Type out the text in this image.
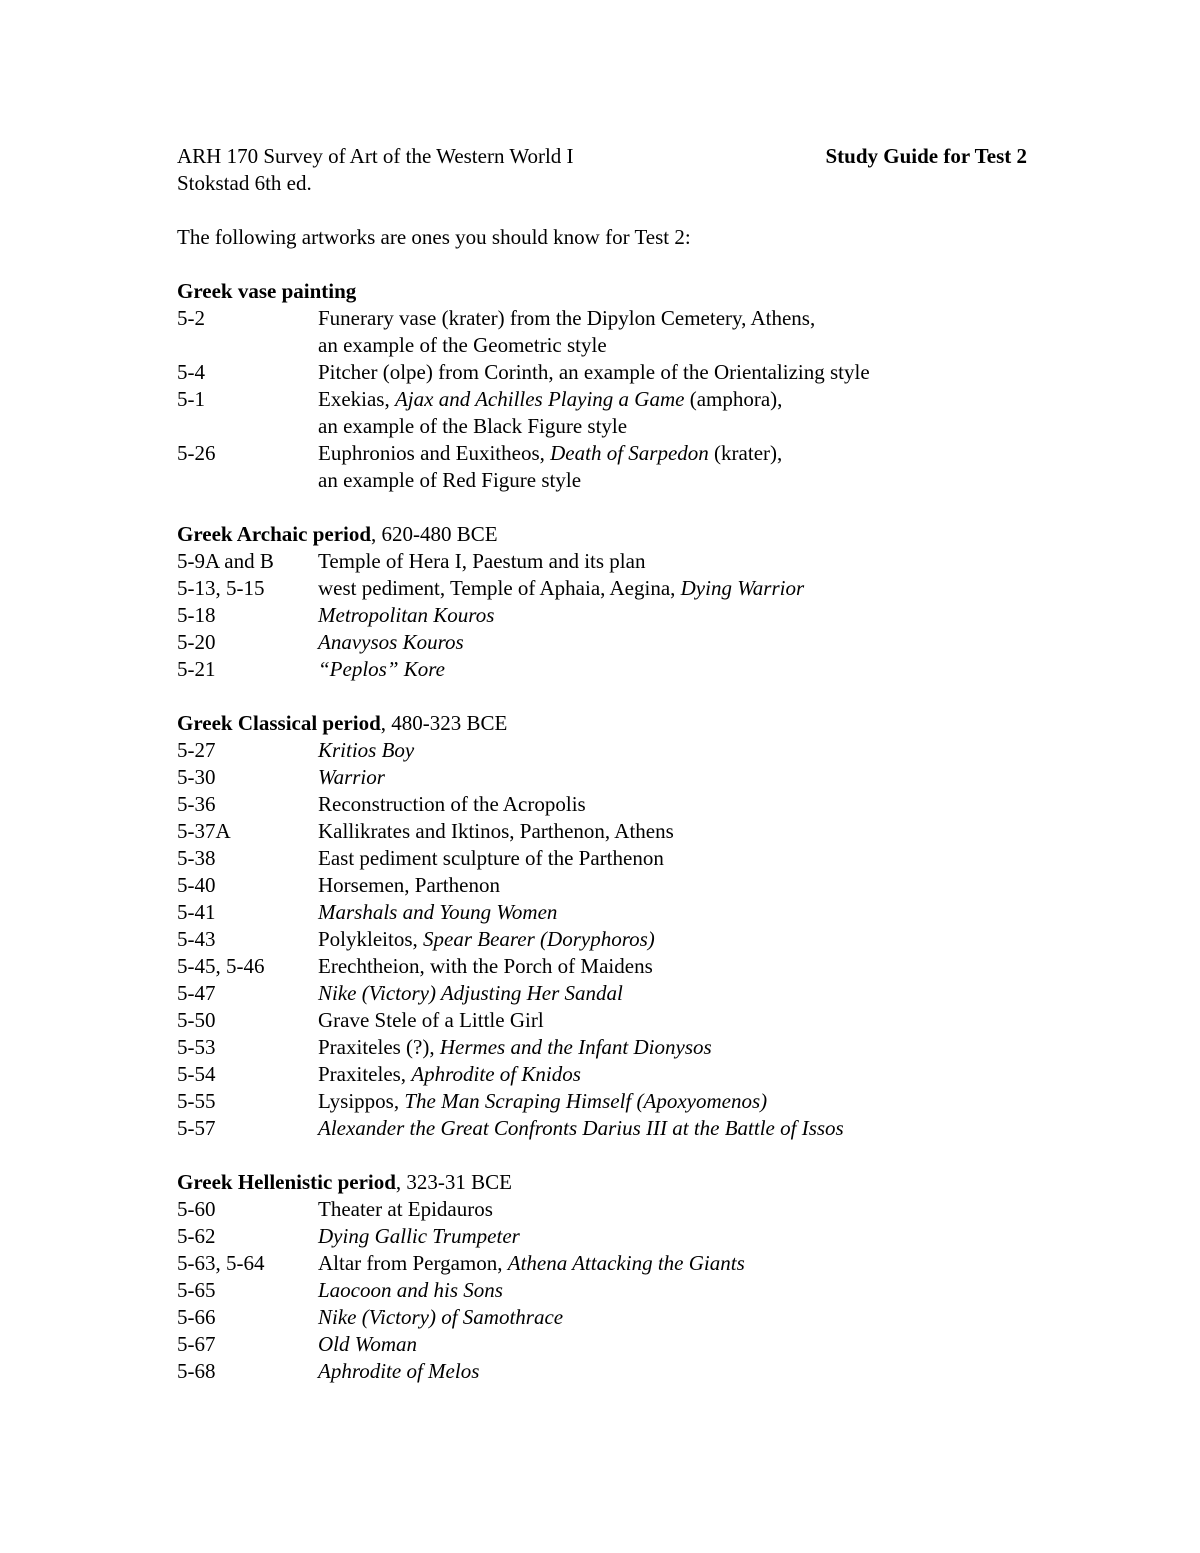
ARH 170 Survey of Art of the Western World I	Study Guide for Test 2
Stokstad 6th ed.
The following artworks are ones you should know for Test 2:
Greek vase painting
5-2	Funerary vase (krater) from the Dipylon Cemetery, Athens,
an example of the Geometric style
5-4	Pitcher (olpe) from Corinth, an example of the Orientalizing style
5-1	Exekias, Ajax and Achilles Playing a Game (amphora),
an example of the Black Figure style
5-26	Euphronios and Euxitheos, Death of Sarpedon (krater),
an example of Red Figure style
Greek Archaic period, 620-480 BCE
5-9A and B	Temple of Hera I, Paestum and its plan
5-13, 5-15	west pediment, Temple of Aphaia, Aegina, Dying Warrior
5-18	Metropolitan Kouros
5-20	Anavysos Kouros
5-21	“Peplos” Kore
Greek Classical period, 480-323 BCE
5-27	Kritios Boy
5-30	Warrior
5-36	Reconstruction of the Acropolis
5-37A	Kallikrates and Iktinos, Parthenon, Athens
5-38	East pediment sculpture of the Parthenon
5-40	Horsemen, Parthenon
5-41	Marshals and Young Women
5-43	Polykleitos, Spear Bearer (Doryphoros)
5-45, 5-46	Erechtheion, with the Porch of Maidens
5-47	Nike (Victory) Adjusting Her Sandal
5-50	Grave Stele of a Little Girl
5-53	Praxiteles (?), Hermes and the Infant Dionysos
5-54	Praxiteles, Aphrodite of Knidos
5-55	Lysippos, The Man Scraping Himself (Apoxyomenos)
5-57	Alexander the Great Confronts Darius III at the Battle of Issos
Greek Hellenistic period, 323-31 BCE
5-60	Theater at Epidauros
5-62	Dying Gallic Trumpeter
5-63, 5-64	Altar from Pergamon, Athena Attacking the Giants
5-65	Laocoon and his Sons
5-66	Nike (Victory) of Samothrace
5-67	Old Woman
5-68	Aphrodite of Melos
